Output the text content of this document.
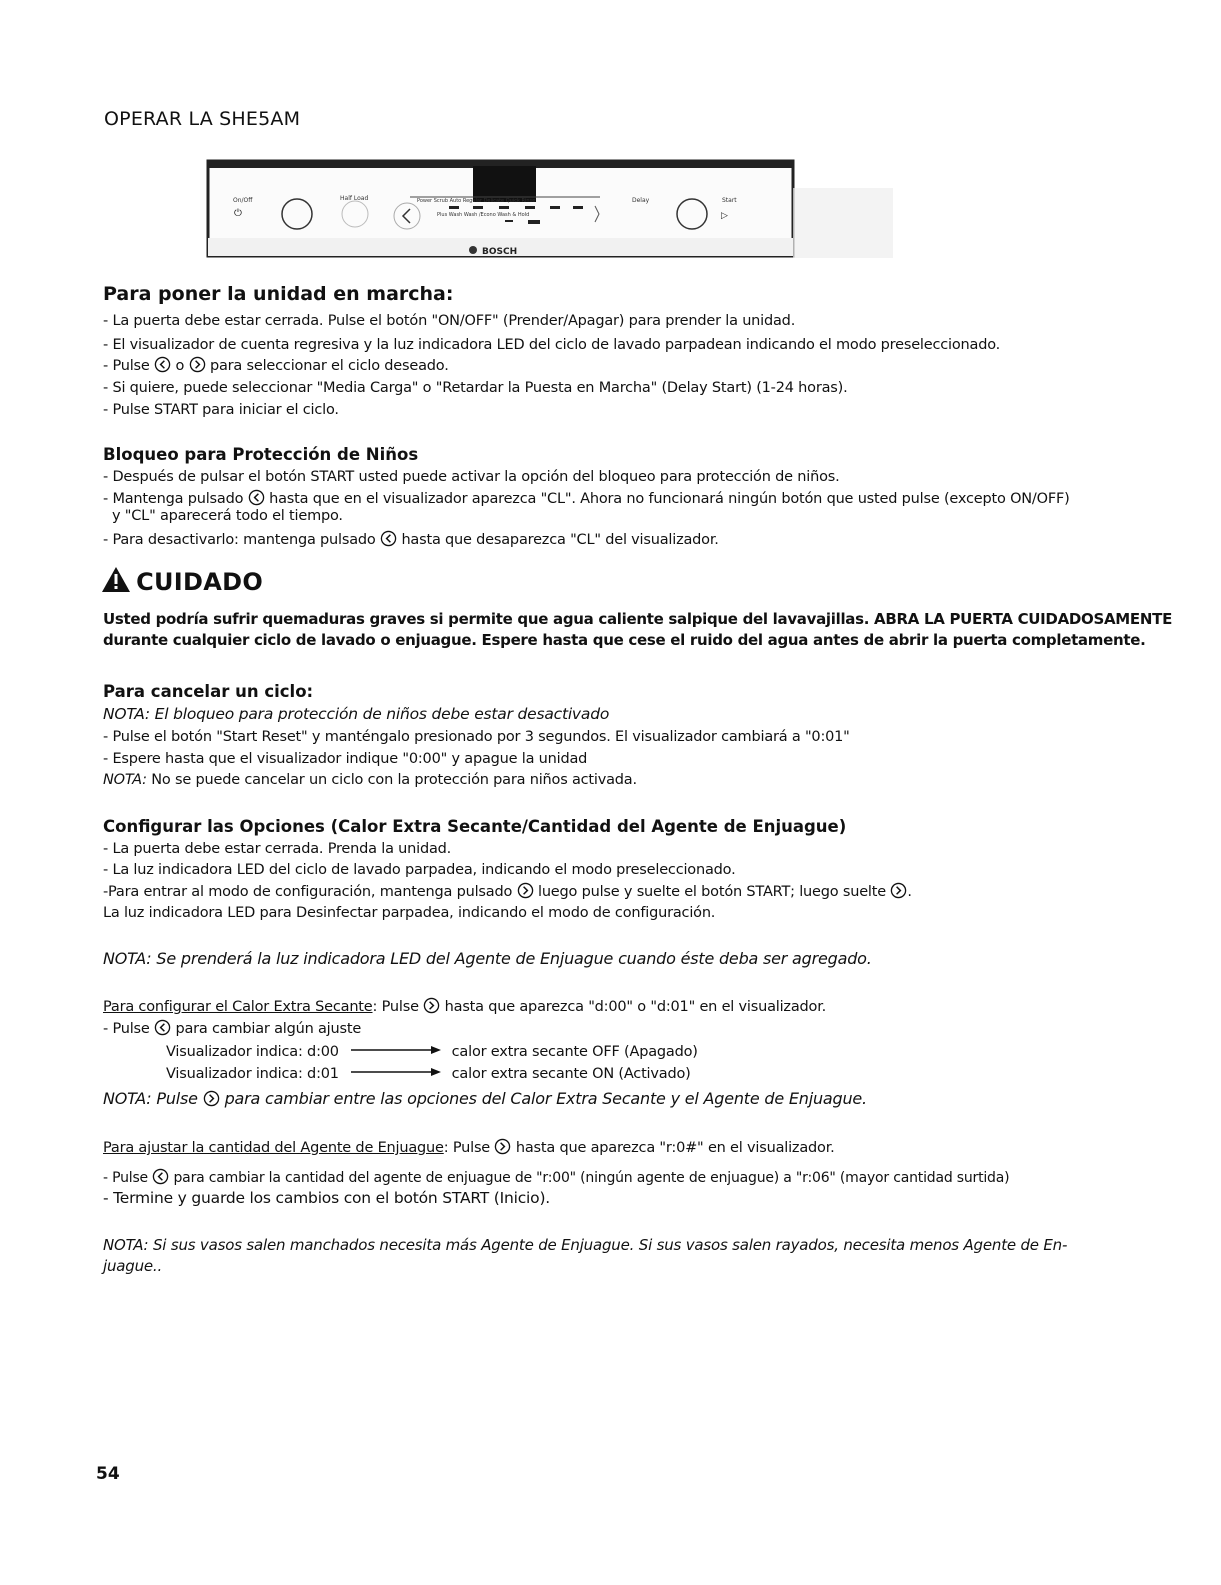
OPERAR LA SHE5AM
On/Off
⏻
Half Load	Power Scrub Auto Regular Delicate Quick Rinse
Plus Wash Wash /Econo Wash & Hold
Delay	Start
▷
BOSCH
Para poner la unidad en marcha:
- La puerta debe estar cerrada. Pulse el botón "ON/OFF" (Prender/Apagar) para prender la unidad.
- El visualizador de cuenta regresiva y la luz indicadora LED del ciclo de lavado parpadean indicando el modo preseleccionado.
- Pulse o para seleccionar el ciclo deseado.
- Si quiere, puede seleccionar "Media Carga" o "Retardar la Puesta en Marcha" (Delay Start) (1-24 horas).
- Pulse START para iniciar el ciclo.
Bloqueo para Protección de Niños
- Después de pulsar el botón START usted puede activar la opción del bloqueo para protección de niños.
- Mantenga pulsado hasta que en el visualizador aparezca "CL". Ahora no funcionará ningún botón que usted pulse (excepto ON/OFF)
y "CL" aparecerá todo el tiempo.
- Para desactivarlo: mantenga pulsado hasta que desaparezca "CL" del visualizador.
CUIDADO
Usted podría sufrir quemaduras graves si permite que agua caliente salpique del lavavajillas. ABRA LA PUERTA CUIDADOSAMENTE
durante cualquier ciclo de lavado o enjuague. Espere hasta que cese el ruido del agua antes de abrir la puerta completamente.
Para cancelar un ciclo:
NOTA: El bloqueo para protección de niños debe estar desactivado
- Pulse el botón "Start Reset" y manténgalo presionado por 3 segundos. El visualizador cambiará a "0:01"
- Espere hasta que el visualizador indique "0:00" y apague la unidad
NOTA: No se puede cancelar un ciclo con la protección para niños activada.
Configurar las Opciones (Calor Extra Secante/Cantidad del Agente de Enjuague)
- La puerta debe estar cerrada. Prenda la unidad.
- La luz indicadora LED del ciclo de lavado parpadea, indicando el modo preseleccionado.
-Para entrar al modo de configuración, mantenga pulsado luego pulse y suelte el botón START; luego suelte .
La luz indicadora LED para Desinfectar parpadea, indicando el modo de configuración.
NOTA: Se prenderá la luz indicadora LED del Agente de Enjuague cuando éste deba ser agregado.
Para configurar el Calor Extra Secante: Pulse hasta que aparezca "d:00" o "d:01" en el visualizador.
- Pulse para cambiar algún ajuste
Visualizador indica: d:00	calor extra secante OFF (Apagado)
Visualizador indica: d:01	calor extra secante ON (Activado)
NOTA: Pulse para cambiar entre las opciones del Calor Extra Secante y el Agente de Enjuague.
Para ajustar la cantidad del Agente de Enjuague: Pulse hasta que aparezca "r:0#" en el visualizador.
- Pulse para cambiar la cantidad del agente de enjuague de "r:00" (ningún agente de enjuague) a "r:06" (mayor cantidad surtida)
- Termine y guarde los cambios con el botón START (Inicio).
NOTA: Si sus vasos salen manchados necesita más Agente de Enjuague. Si sus vasos salen rayados, necesita menos Agente de En-
juague..
54
